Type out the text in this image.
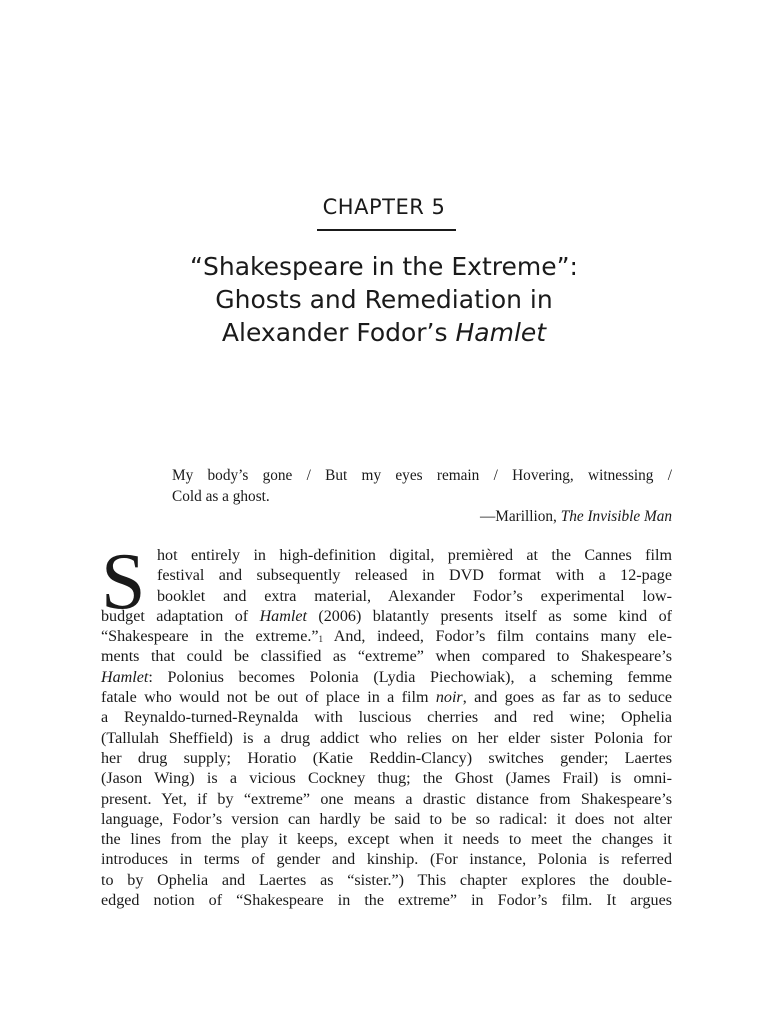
CHAPTER 5
“Shakespeare in the Extreme”:
Ghosts and Remediation in
Alexander Fodor’s Hamlet
My body’s gone / But my eyes remain / Hovering, witnessing /
Cold as a ghost.
—Marillion, The Invisible Man
S hot entirely in high-definition digital, premièred at the Cannes film
festival and subsequently released in DVD format with a 12-page
booklet and extra material, Alexander Fodor’s experimental low-
budget adaptation of Hamlet (2006) blatantly presents itself as some kind of
“Shakespeare in the extreme.”$^1$ And, indeed, Fodor’s film contains many ele-
ments that could be classified as “extreme” when compared to Shakespeare’s
Hamlet: Polonius becomes Polonia (Lydia Piechowiak), a scheming femme
fatale who would not be out of place in a film noir, and goes as far as to seduce
a Reynaldo-turned-Reynalda with luscious cherries and red wine; Ophelia
(Tallulah Sheffield) is a drug addict who relies on her elder sister Polonia for
her drug supply; Horatio (Katie Reddin-Clancy) switches gender; Laertes
(Jason Wing) is a vicious Cockney thug; the Ghost (James Frail) is omni-
present. Yet, if by “extreme” one means a drastic distance from Shakespeare’s
language, Fodor’s version can hardly be said to be so radical: it does not alter
the lines from the play it keeps, except when it needs to meet the changes it
introduces in terms of gender and kinship. (For instance, Polonia is referred
to by Ophelia and Laertes as “sister.”) This chapter explores the double-
edged notion of “Shakespeare in the extreme” in Fodor’s film. It argues
